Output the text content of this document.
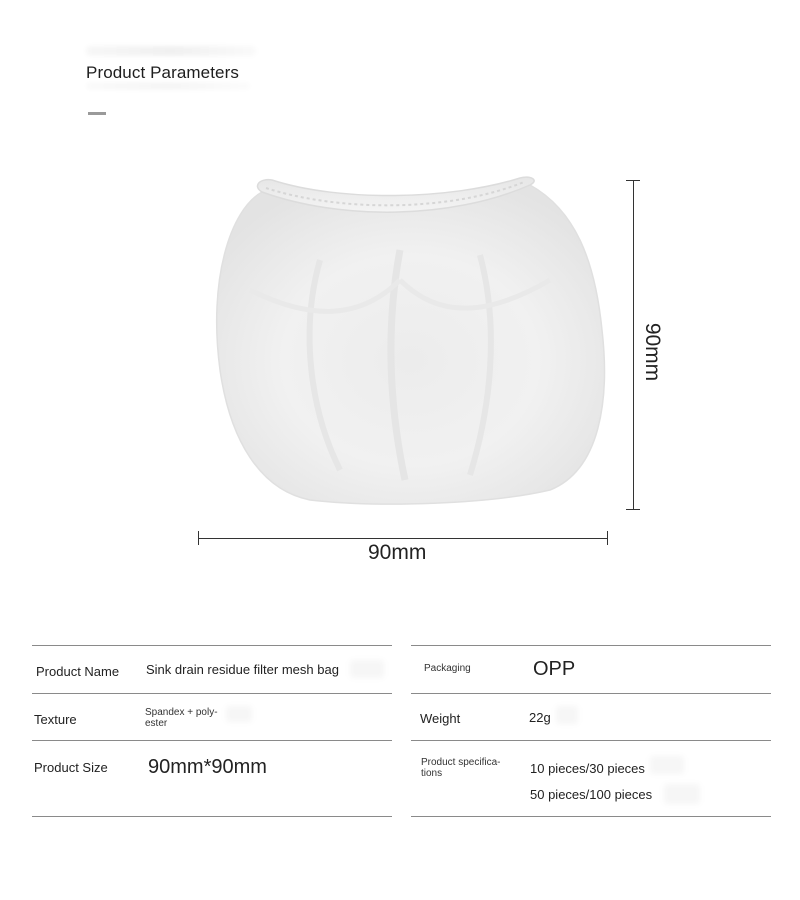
Product Parameters
90mm
90mm
Product Name Sink drain residue filter mesh bag
Texture	Spandex + poly-
ester
Product Size 90mm*90mm
Packaging	OPP
Weight	22g
Product specifica-
tions	10 pieces/30 pieces
50 pieces/100 pieces
